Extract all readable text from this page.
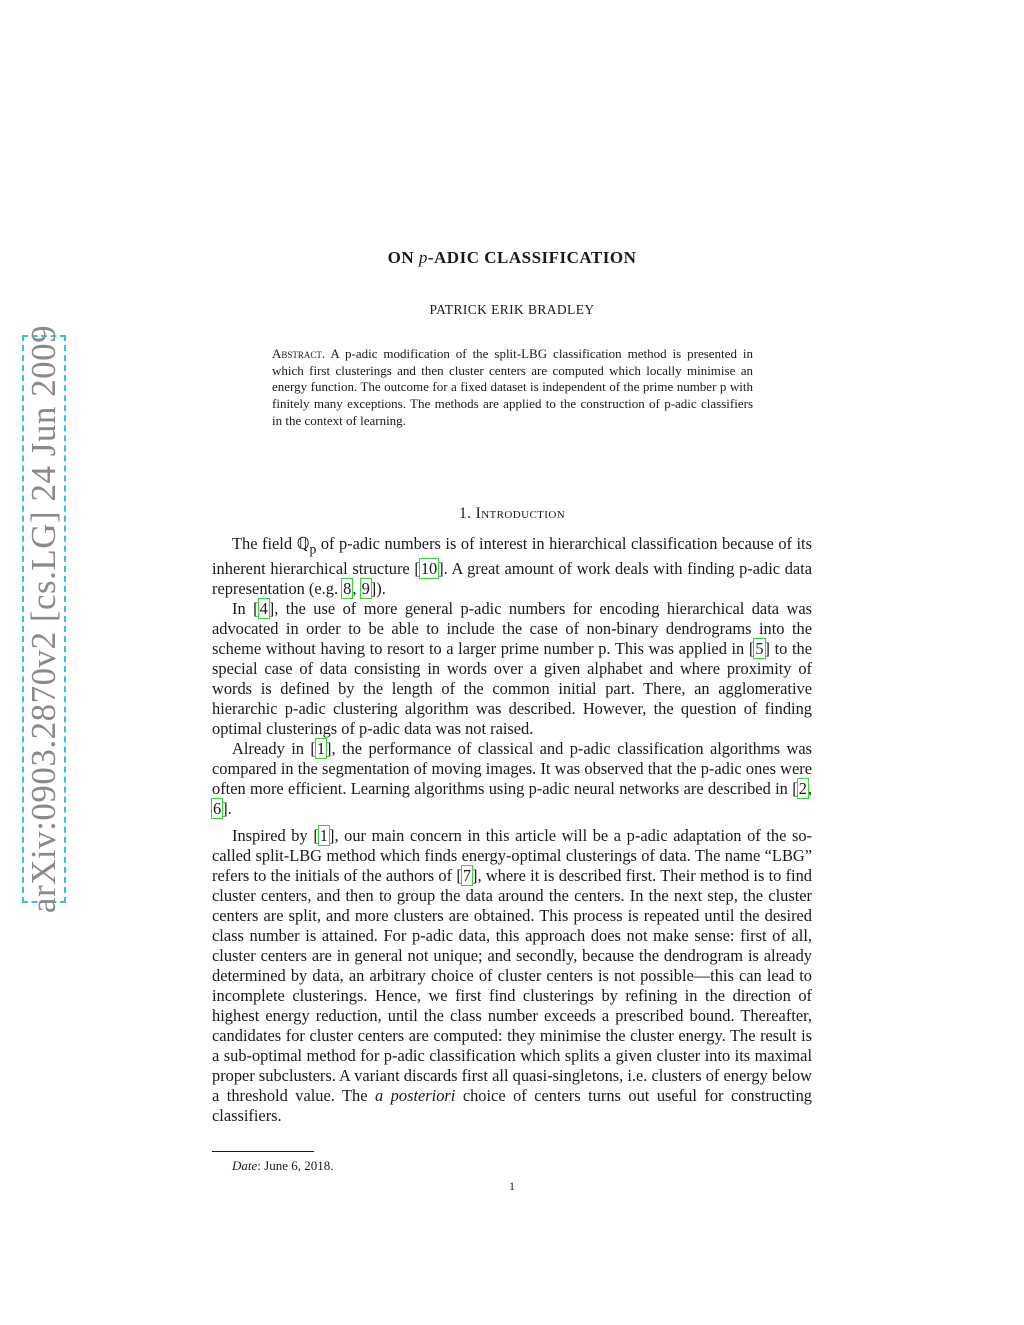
arXiv:0903.2870v2 [cs.LG] 24 Jun 2009
ON p-ADIC CLASSIFICATION
PATRICK ERIK BRADLEY

Abstract. A p-adic modification of the split-LBG classification method is presented in which first clusterings and then cluster centers are computed which locally minimise an energy function. The outcome for a fixed dataset is independent of the prime number p with finitely many exceptions. The methods are applied to the construction of p-adic classifiers in the context of learning.

1. Introduction

The field ℚ$_p$ of p-adic numbers is of interest in hierarchical classification because of its inherent hierarchical structure [10]. A great amount of work deals with finding p-adic data representation (e.g. 8, 9]).

In [4], the use of more general p-adic numbers for encoding hierarchical data was advocated in order to be able to include the case of non-binary dendrograms into the scheme without having to resort to a larger prime number p. This was applied in [5] to the special case of data consisting in words over a given alphabet and where proximity of words is defined by the length of the common initial part. There, an agglomerative hierarchic p-adic clustering algorithm was described. However, the question of finding optimal clusterings of p-adic data was not raised.

Already in [1], the performance of classical and p-adic classification algorithms was compared in the segmentation of moving images. It was observed that the p-adic ones were often more efficient. Learning algorithms using p-adic neural networks are described in [2, 6].

Inspired by [1], our main concern in this article will be a p-adic adaptation of the so-called split-LBG method which finds energy-optimal clusterings of data. The name “LBG” refers to the initials of the authors of [7], where it is described first. Their method is to find cluster centers, and then to group the data around the centers. In the next step, the cluster centers are split, and more clusters are obtained. This process is repeated until the desired class number is attained. For p-adic data, this approach does not make sense: first of all, cluster centers are in general not unique; and secondly, because the dendrogram is already determined by data, an arbitrary choice of cluster centers is not possible—this can lead to incomplete clusterings. Hence, we first find clusterings by refining in the direction of highest energy reduction, until the class number exceeds a prescribed bound. Thereafter, candidates for cluster centers are computed: they minimise the cluster energy. The result is a sub-optimal method for p-adic classification which splits a given cluster into its maximal proper subclusters. A variant discards first all quasi-singletons, i.e. clusters of energy below a threshold value. The a posteriori choice of centers turns out useful for constructing classifiers.

Date: June 6, 2018.
1
